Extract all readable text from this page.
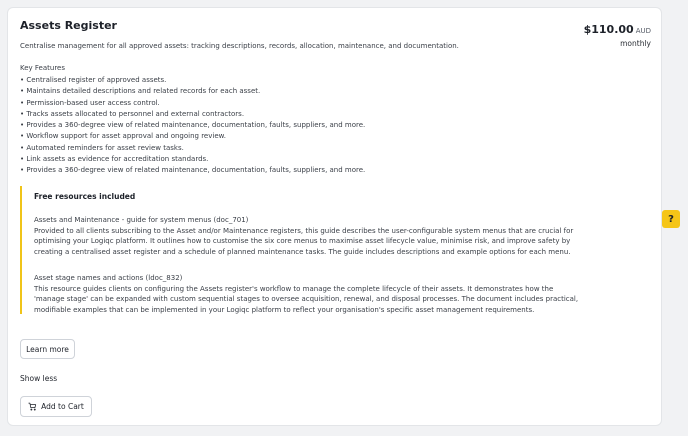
Assets Register	$110.00 AUD
monthly
Centralise management for all approved assets: tracking descriptions, records, allocation, maintenance, and documentation.
Key Features
• Centralised register of approved assets.
• Maintains detailed descriptions and related records for each asset.
• Permission-based user access control.
• Tracks assets allocated to personnel and external contractors.
• Provides a 360-degree view of related maintenance, documentation, faults, suppliers, and more.
• Workflow support for asset approval and ongoing review.
• Automated reminders for asset review tasks.
• Link assets as evidence for accreditation standards.
• Provides a 360-degree view of related maintenance, documentation, faults, suppliers, and more.
Free resources included
Assets and Maintenance - guide for system menus (doc_701)
Provided to all clients subscribing to the Asset and/or Maintenance registers, this guide describes the user-configurable system menus that are crucial for
optimising your Logiqc platform. It outlines how to customise the six core menus to maximise asset lifecycle value, minimise risk, and improve safety by
creating a centralised asset register and a schedule of planned maintenance tasks. The guide includes descriptions and example options for each menu.
Asset stage names and actions (ldoc_832)
This resource guides clients on configuring the Assets register's workflow to manage the complete lifecycle of their assets. It demonstrates how the
'manage stage' can be expanded with custom sequential stages to oversee acquisition, renewal, and disposal processes. The document includes practical,
modifiable examples that can be implemented in your Logiqc platform to reflect your organisation's specific asset management requirements.
Learn more
Show less
Add to Cart
?
